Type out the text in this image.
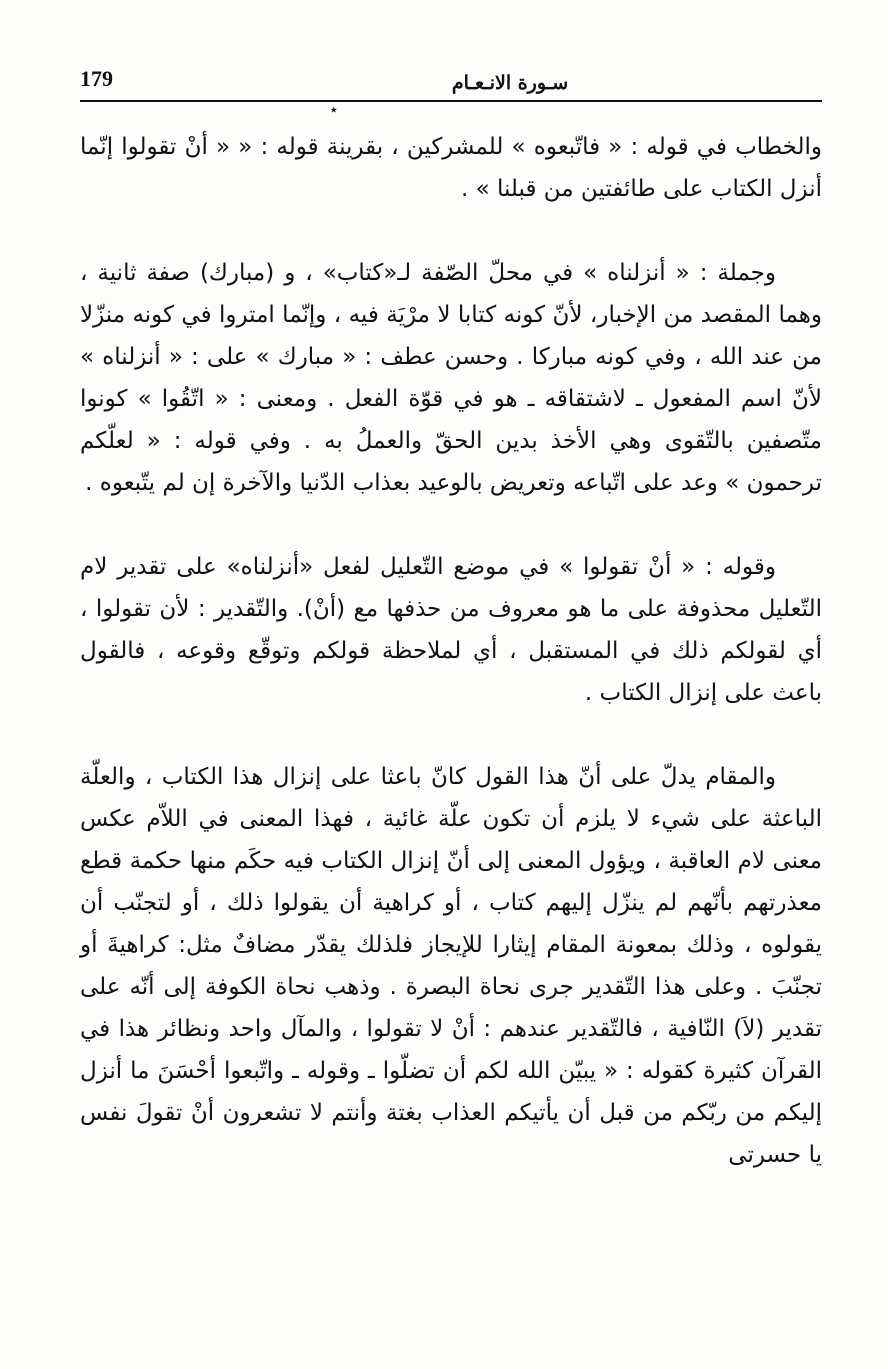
179	سـورة الانـعـام
٭

والخطاب في قوله : « فاتّبعوه » للمشركين ، بقرينة قوله : « « أنْ تقولوا إنّما أنزل الكتاب على طائفتين من قبلنا » .

وجملة : « أنزلناه » في محلّ الصّفة لـ«كتاب» ، و (مبارك) صفة ثانية ، وهما المقصد من الإخبار، لأنّ كونه كتابا لا مرْيَة فيه ، وإنّما امتروا في كونه منزّلا من عند الله ، وفي كونه مباركا . وحسن عطف : « مبارك » على : « أنزلناه » لأنّ اسم المفعول ـ لاشتقاقه ـ هو في قوّة الفعل . ومعنى : « اتّقُوا » كونوا متّصفين بالتّقوى وهي الأخذ بدين الحقّ والعملُ به . وفي قوله : « لعلّكم ترحمون » وعد على اتّباعه وتعريض بالوعيد بعذاب الدّنيا والآخرة إن لم يتّبعوه .

وقوله : « أنْ تقولوا » في موضع التّعليل لفعل «أنزلناه» على تقدير لام التّعليل محذوفة على ما هو معروف من حذفها مع (أنْ). والتّقدير : لأن تقولوا ، أي لقولكم ذلك في المستقبل ، أي لملاحظة قولكم وتوقّع وقوعه ، فالقول باعث على إنزال الكتاب .

والمقام يدلّ على أنّ هذا القول كانّ باعثا على إنزال هذا الكتاب ، والعلّة الباعثة على شيء لا يلزم أن تكون علّة غائية ، فهذا المعنى في اللاّم عكس معنى لام العاقبة ، ويؤول المعنى إلى أنّ إنزال الكتاب فيه حكَم منها حكمة قطع معذرتهم بأنّهم لم ينزّل إليهم كتاب ، أو كراهية أن يقولوا ذلك ، أو لتجنّب أن يقولوه ، وذلك بمعونة المقام إيثارا للإيجاز فلذلك يقدّر مضافٌ مثل: كراهيةَ أو تجنّبَ . وعلى هذا التّقدير جرى نحاة البصرة . وذهب نحاة الكوفة إلى أنّه على تقدير (لاَ) النّافية ، فالتّقدير عندهم : أنْ لا تقولوا ، والمآل واحد ونظائر هذا في القرآن كثيرة كقوله : « يبيّن الله لكم أن تضلّوا ـ وقوله ـ واتّبعوا أحْسَنَ ما أنزل إليكم من ربّكم من قبل أن يأتيكم العذاب بغتة وأنتم لا تشعرون أنْ تقولَ نفس يا حسرتى
